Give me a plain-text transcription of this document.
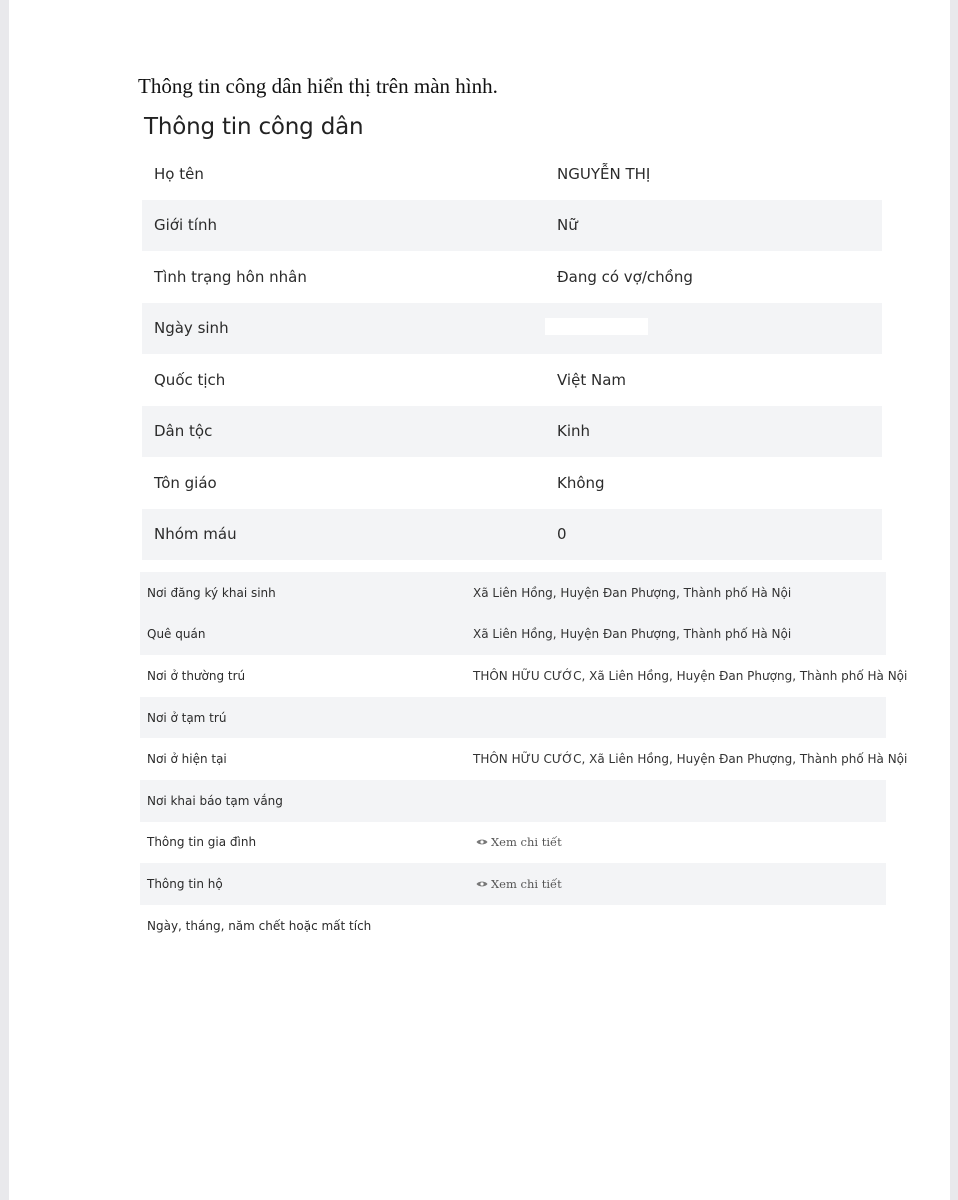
Thông tin công dân hiển thị trên màn hình.
Thông tin công dân
Họ tên	NGUYỄN THỊ
Giới tính	Nữ
Tình trạng hôn nhân	Đang có vợ/chồng
Ngày sinh
Quốc tịch	Việt Nam
Dân tộc	Kinh
Tôn giáo	Không
Nhóm máu	0
Nơi đăng ký khai sinh	Xã Liên Hồng, Huyện Đan Phượng, Thành phố Hà Nội
Quê quán	Xã Liên Hồng, Huyện Đan Phượng, Thành phố Hà Nội
Nơi ở thường trú	THÔN HỮU CƯỚC, Xã Liên Hồng, Huyện Đan Phượng, Thành phố Hà Nội
Nơi ở tạm trú
Nơi ở hiện tại	THÔN HỮU CƯỚC, Xã Liên Hồng, Huyện Đan Phượng, Thành phố Hà Nội
Nơi khai báo tạm vắng
Thông tin gia đình	Xem chi tiết
Thông tin hộ	Xem chi tiết
Ngày, tháng, năm chết hoặc mất tích
